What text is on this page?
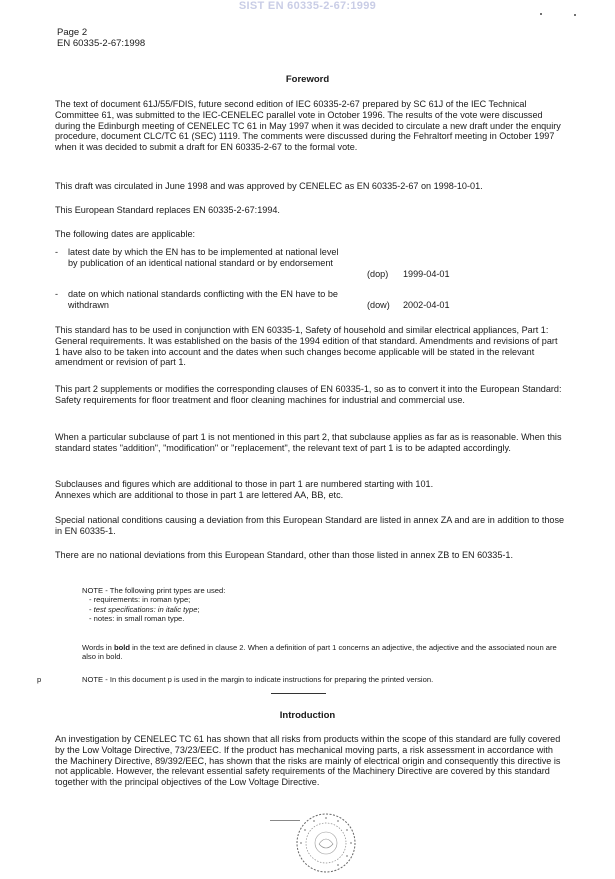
SIST EN 60335-2-67:1999
Page 2
EN 60335-2-67:1998
Foreword
The text of document 61J/55/FDIS, future second edition of IEC 60335-2-67 prepared by SC 61J of the IEC Technical Committee 61, was submitted to the IEC-CENELEC parallel vote in October 1996. The results of the vote were discussed during the Edinburgh meeting of CENELEC TC 61 in May 1997 when it was decided to circulate a new draft under the enquiry procedure, document CLC/TC 61 (SEC) 1119. The comments were discussed during the Fehraltorf meeting in October 1997 when it was decided to submit a draft for EN 60335-2-67 to the formal vote.
This draft was circulated in June 1998 and was approved by CENELEC as EN 60335-2-67 on 1998-10-01.
This European Standard replaces EN 60335-2-67:1994.
The following dates are applicable:
- latest date by which the EN has to be implemented at national level by publication of an identical national standard or by endorsement
(dop) 1999-04-01
- date on which national standards conflicting with the EN have to be withdrawn	(dow) 2002-04-01
This standard has to be used in conjunction with EN 60335-1, Safety of household and similar electrical appliances, Part 1: General requirements. It was established on the basis of the 1994 edition of that standard. Amendments and revisions of part 1 have also to be taken into account and the dates when such changes become applicable will be stated in the relevant amendment or revision of part 1.
This part 2 supplements or modifies the corresponding clauses of EN 60335-1, so as to convert it into the European Standard: Safety requirements for floor treatment and floor cleaning machines for industrial and commercial use.
When a particular subclause of part 1 is not mentioned in this part 2, that subclause applies as far as is reasonable. When this standard states "addition", "modification" or "replacement", the relevant text of part 1 is to be adapted accordingly.
Subclauses and figures which are additional to those in part 1 are numbered starting with 101.
Annexes which are additional to those in part 1 are lettered AA, BB, etc.
Special national conditions causing a deviation from this European Standard are listed in annex ZA and are in addition to those in EN 60335-1.
There are no national deviations from this European Standard, other than those listed in annex ZB to EN 60335-1.
NOTE - The following print types are used:
- requirements: in roman type;
- test specifications: in italic type;
- notes: in small roman type.
Words in bold in the text are defined in clause 2. When a definition of part 1 concerns an adjective, the adjective and the associated noun are also in bold.
p	NOTE - In this document p is used in the margin to indicate instructions for preparing the printed version.
Introduction
An investigation by CENELEC TC 61 has shown that all risks from products within the scope of this standard are fully covered by the Low Voltage Directive, 73/23/EEC. If the product has mechanical moving parts, a risk assessment in accordance with the Machinery Directive, 89/392/EEC, has shown that the risks are mainly of electrical origin and consequently this directive is not applicable. However, the relevant essential safety requirements of the Machinery Directive are covered by this standard together with the principal objectives of the Low Voltage Directive.
